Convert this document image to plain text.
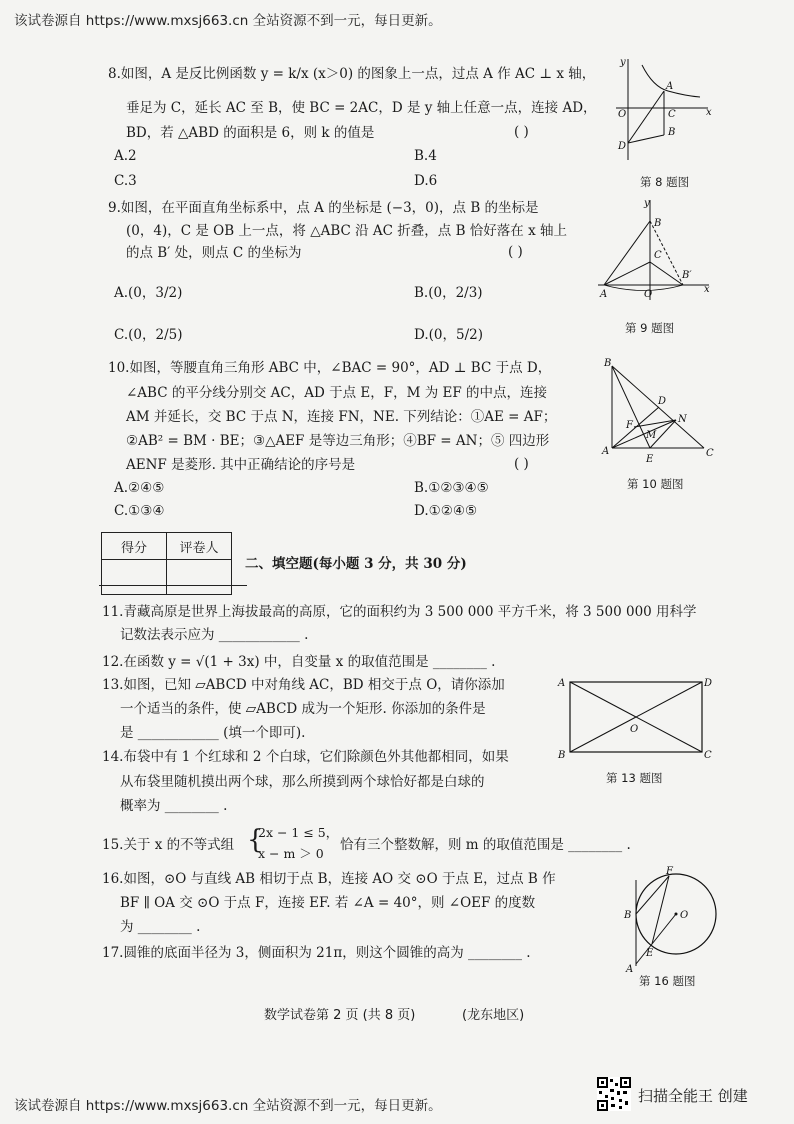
该试卷源自 https://www.mxsj663.cn 全站资源不到一元，每日更新。
8.如图，A 是反比例函数 y = k/x (x＞0) 的图象上一点，过点 A 作 AC ⊥ x 轴，
垂足为 C，延长 AC 至 B，使 BC = 2AC，D 是 y 轴上任意一点，连接 AD，
BD，若 △ABD 的面积是 6，则 k 的值是	( )
A.2	B.4
C.3	D.6
y
A
O	C	x
B
D
第 8 题图
9.如图，在平面直角坐标系中，点 A 的坐标是 (−3，0)，点 B 的坐标是
(0，4)，C 是 OB 上一点，将 △ABC 沿 AC 折叠，点 B 恰好落在 x 轴上
的点 B′ 处，则点 C 的坐标为	( )
A.(0，3/2)	B.(0，2/3)
C.(0，2/5)	D.(0，5/2)
y
B
C
B′
A	O	x
第 9 题图
10.如图，等腰直角三角形 ABC 中，∠BAC = 90°，AD ⊥ BC 于点 D，
∠ABC 的平分线分别交 AC，AD 于点 E，F，M 为 EF 的中点，连接
AM 并延长，交 BC 于点 N，连接 FN，NE. 下列结论：①AE = AF；
②AB² = BM · BE；③△AEF 是等边三角形；④BF = AN；⑤ 四边形
AENF 是菱形. 其中正确结论的序号是	( )
A.②④⑤	B.①②③④⑤
C.①③④	D.①②④⑤
B
D
N
F
M
A
E
C
第 10 题图
得分	评卷人

二、填空题(每小题 3 分，共 30 分)
11.青藏高原是世界上海拔最高的高原，它的面积约为 3 500 000 平方千米，将 3 500 000 用科学
记数法表示应为 ____________ .
12.在函数 y = √(1 + 3x) 中，自变量 x 的取值范围是 ________ .
13.如图，已知 ▱ABCD 中对角线 AC，BD 相交于点 O，请你添加
一个适当的条件，使 ▱ABCD 成为一个矩形. 你添加的条件是
是 ____________ (填一个即可).
A	D
O
B	C
第 13 题图
14.布袋中有 1 个红球和 2 个白球，它们除颜色外其他都相同，如果
从布袋里随机摸出两个球，那么所摸到两个球恰好都是白球的
概率为 ________ .
15.关于 x 的不等式组 {
2x − 1 ≤ 5，
x − m ＞ 0
恰有三个整数解，则 m 的取值范围是 ________ .
16.如图，⊙O 与直线 AB 相切于点 B，连接 AO 交 ⊙O 于点 E，过点 B 作
BF ∥ OA 交 ⊙O 于点 F，连接 EF. 若 ∠A = 40°，则 ∠OEF 的度数
为 ________ .
F
B	O
E
A
第 16 题图
17.圆锥的底面半径为 3，侧面积为 21π，则这个圆锥的高为 ________ .
数学试卷第 2 页 (共 8 页)	(龙东地区)
该试卷源自 https://www.mxsj663.cn 全站资源不到一元，每日更新。
扫描全能王 创建
